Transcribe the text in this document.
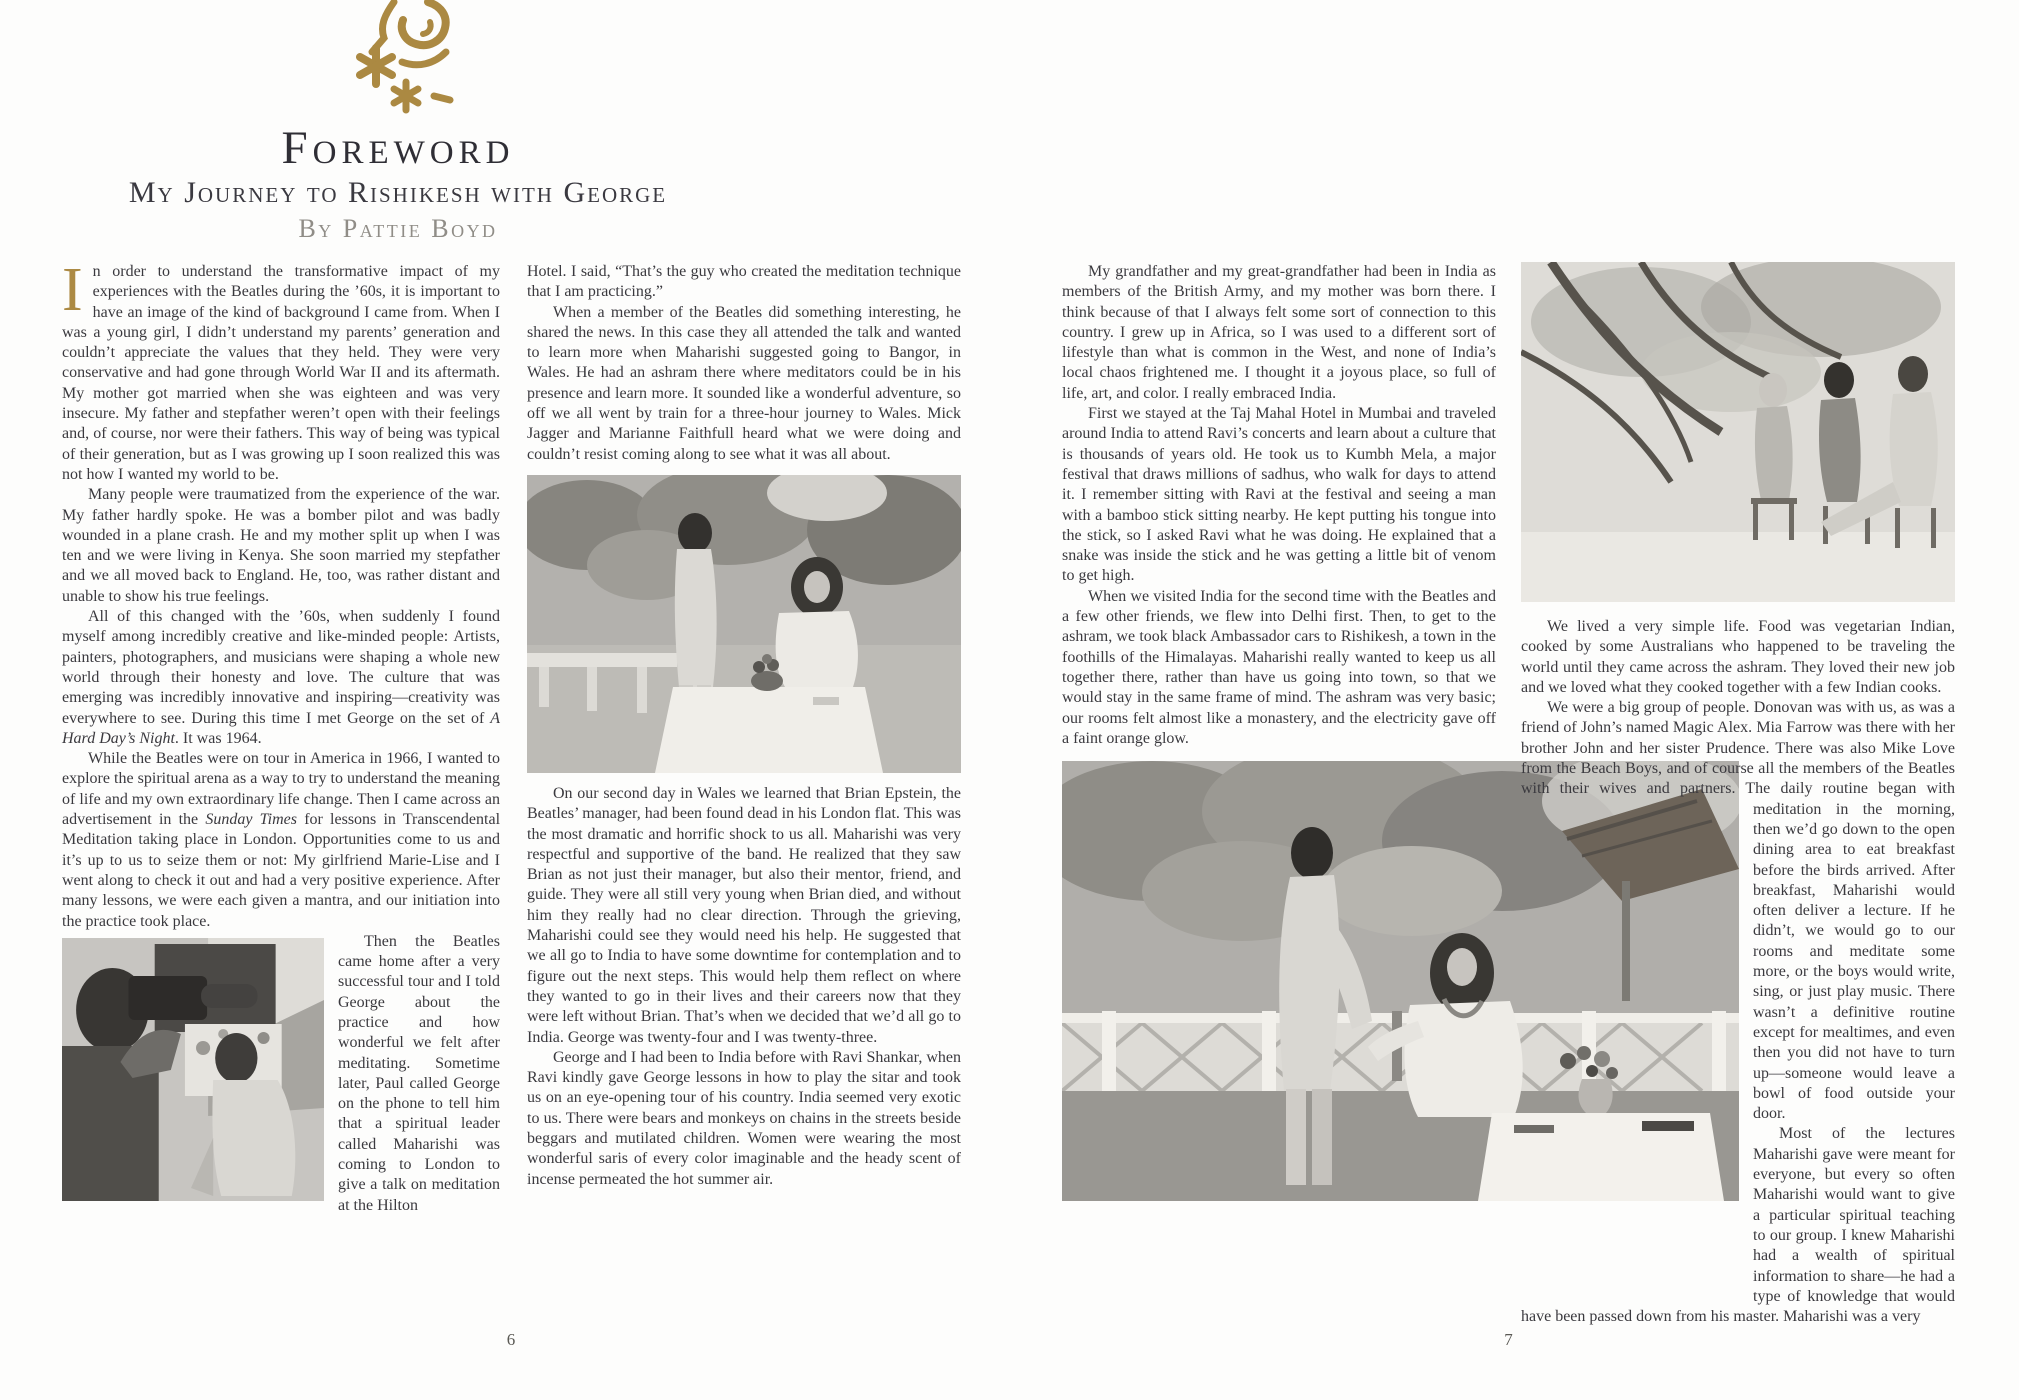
Foreword
My Journey to Rishikesh with George
By Pattie Boyd

In order to understand the transformative impact of my experiences with the Beatles during the ’60s, it is important to have an image of the kind of background I came from. When I was a young girl, I didn’t understand my parents’ generation and couldn’t appreciate the values that they held. They were very conservative and had gone through World War II and its aftermath. My mother got married when she was eighteen and was very insecure. My father and stepfather weren’t open with their feelings and, of course, nor were their fathers. This way of being was typical of their generation, but as I was growing up I soon realized this was not how I wanted my world to be.

Many people were traumatized from the experience of the war. My father hardly spoke. He was a bomber pilot and was badly wounded in a plane crash. He and my mother split up when I was ten and we were living in Kenya. She soon married my stepfather and we all moved back to England. He, too, was rather distant and unable to show his true feelings.

All of this changed with the ’60s, when suddenly I found myself among incredibly creative and like-minded people: Artists, painters, photographers, and musicians were shaping a whole new world through their honesty and love. The culture that was emerging was incredibly innovative and inspiring—creativity was everywhere to see. During this time I met George on the set of A Hard Day’s Night. It was 1964.

While the Beatles were on tour in America in 1966, I wanted to explore the spiritual arena as a way to try to understand the meaning of life and my own extraordinary life change. Then I came across an advertisement in the Sunday Times for lessons in Transcendental Meditation taking place in London. Opportunities come to us and it’s up to us to seize them or not: My girlfriend Marie-Lise and I went along to check it out and had a very positive experience. After many lessons, we were each given a mantra, and our initiation into the practice took place.

Then the Beatles came home after a very successful tour and I told George about the practice and how wonderful we felt after meditating. Sometime later, Paul called George on the phone to tell him that a spiritual leader called Maharishi was coming to London to give a talk on meditation at the Hilton

Hotel. I said, “That’s the guy who created the meditation technique that I am practicing.”

When a member of the Beatles did something interesting, he shared the news. In this case they all attended the talk and wanted to learn more when Maharishi suggested going to Bangor, in Wales. He had an ashram there where meditators could be in his presence and learn more. It sounded like a wonderful adventure, so off we all went by train for a three-hour journey to Wales. Mick Jagger and Marianne Faithfull heard what we were doing and couldn’t resist coming along to see what it was all about.

On our second day in Wales we learned that Brian Epstein, the Beatles’ manager, had been found dead in his London flat. This was the most dramatic and horrific shock to us all. Maharishi was very respectful and supportive of the band. He realized that they saw Brian as not just their manager, but also their mentor, friend, and guide. They were all still very young when Brian died, and without him they really had no clear direction. Through the grieving, Maharishi could see they would need his help. He suggested that we all go to India to have some downtime for contemplation and to figure out the next steps. This would help them reflect on where they wanted to go in their lives and their careers now that they were left without Brian. That’s when we decided that we’d all go to India. George was twenty-four and I was twenty-three.

George and I had been to India before with Ravi Shankar, when Ravi kindly gave George lessons in how to play the sitar and took us on an eye-opening tour of his country. India seemed very exotic to us. There were bears and monkeys on chains in the streets beside beggars and mutilated children. Women were wearing the most wonderful saris of every color imaginable and the heady scent of incense permeated the hot summer air.

My grandfather and my great-grandfather had been in India as members of the British Army, and my mother was born there. I think because of that I always felt some sort of connection to this country. I grew up in Africa, so I was used to a different sort of lifestyle than what is common in the West, and none of India’s local chaos frightened me. I thought it a joyous place, so full of life, art, and color. I really embraced India.

First we stayed at the Taj Mahal Hotel in Mumbai and traveled around India to attend Ravi’s concerts and learn about a culture that is thousands of years old. He took us to Kumbh Mela, a major festival that draws millions of sadhus, who walk for days to attend it. I remember sitting with Ravi at the festival and seeing a man with a bamboo stick sitting nearby. He kept putting his tongue into the stick, so I asked Ravi what he was doing. He explained that a snake was inside the stick and he was getting a little bit of venom to get high.

When we visited India for the second time with the Beatles and a few other friends, we flew into Delhi first. Then, to get to the ashram, we took black Ambassador cars to Rishikesh, a town in the foothills of the Himalayas. Maharishi really wanted to keep us all together there, rather than have us going into town, so that we would stay in the same frame of mind. The ashram was very basic; our rooms felt almost like a monastery, and the electricity gave off a faint orange glow.

We lived a very simple life. Food was vegetarian Indian, cooked by some Australians who happened to be traveling the world until they came across the ashram. They loved their new job and we loved what they cooked together with a few Indian cooks.

We were a big group of people. Donovan was with us, as was a friend of John’s named Magic Alex. Mia Farrow was there with her brother John and her sister Prudence. There was also Mike Love from the Beach Boys, and of course all the members of the Beatles with their wives and partners. The daily routine began
with meditation in the morning, then we’d go down to the open dining area to eat breakfast before the birds arrived. After breakfast, Maharishi would often deliver a lecture. If he didn’t, we would go to our rooms and meditate some more, or the boys would write, sing, or just play music. There wasn’t a definitive routine except for mealtimes, and even then you did not have to turn up—someone would leave a bowl of food outside your door.

Most of the lectures Maharishi gave were meant for everyone, but every so often Maharishi would want to give a particular spiritual teaching to our group. I knew Maharishi had a wealth of spiritual information to share—he had a type of knowledge that would have been passed down from his master. Maharishi was a very

6	7
